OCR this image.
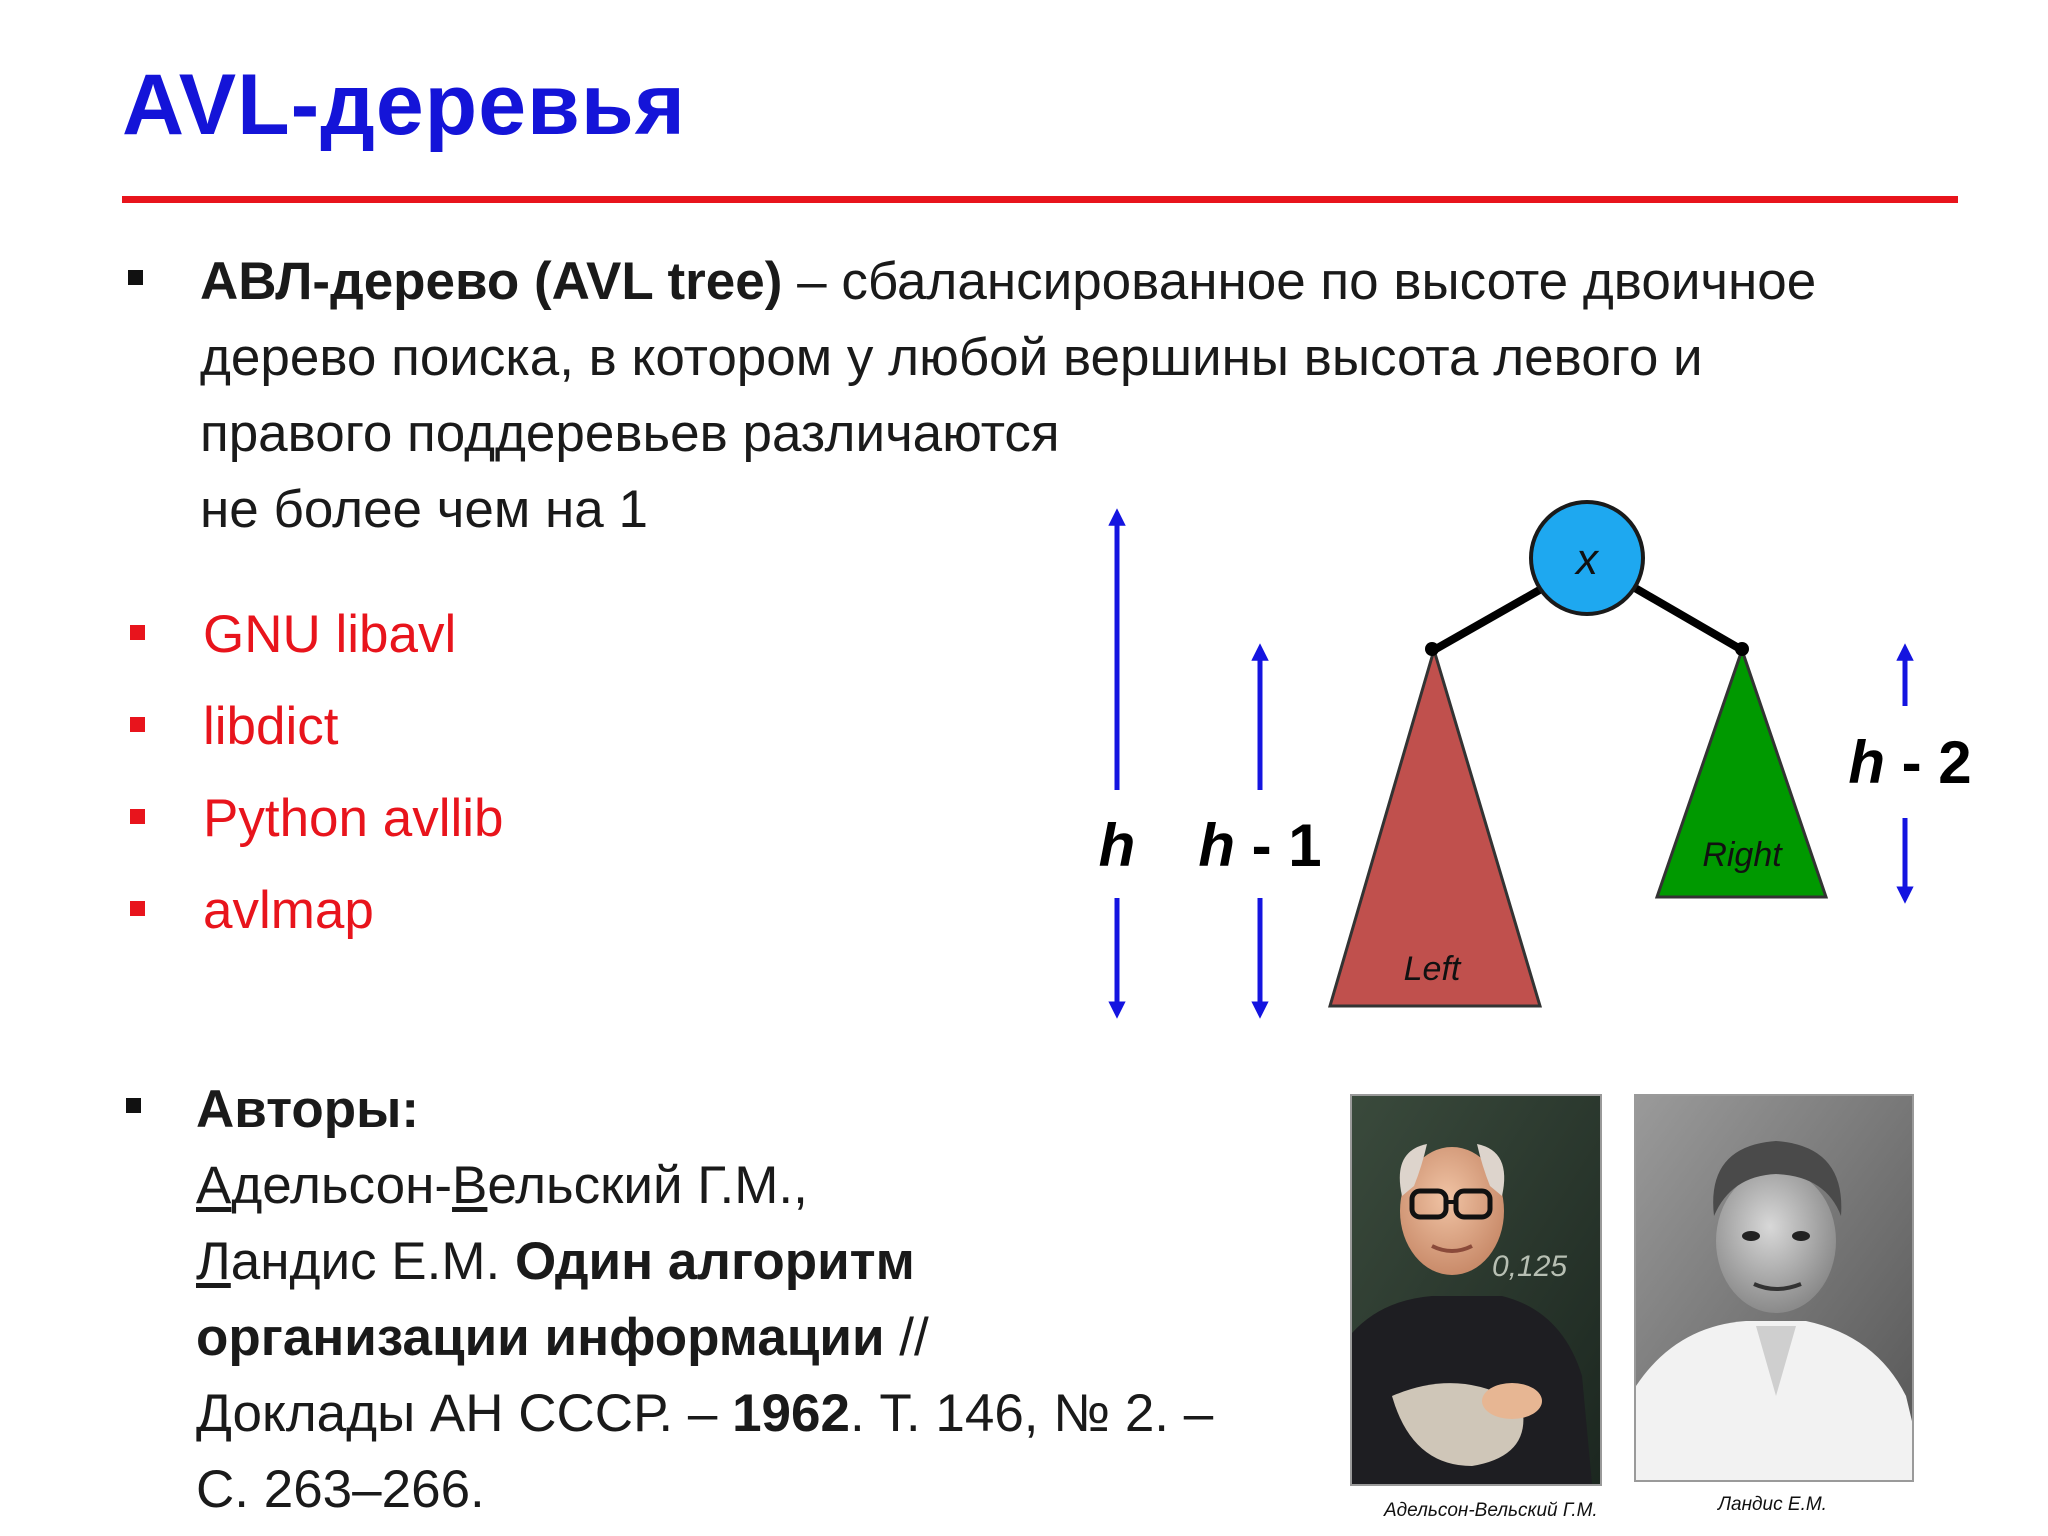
AVL-деревья
АВЛ-дерево (AVL tree) – сбалансированное по высоте двоичное
дерево поиска, в котором у любой вершины высота левого и
правого поддеревьев различаются
не более чем на 1
GNU libavl
libdict
Python avllib
avlmap
x
Left
Right
h h - 1
h - 2
Авторы:
Адельсон-Вельский Г.М.,
Ландис Е.М. Один алгоритм
организации информации //
Доклады АН СССР. – 1962. Т. 146, № 2. –
С. 263–266.
0,125
Адельсон-Вельский Г.М.	Ландис Е.М.
